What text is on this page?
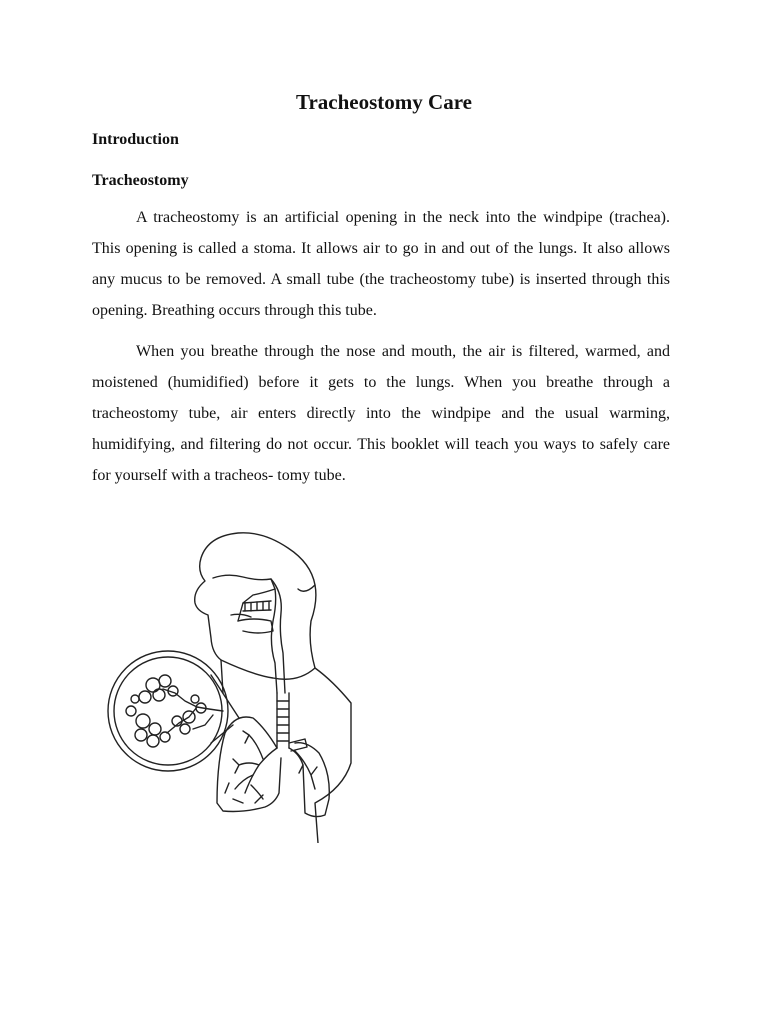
Tracheostomy Care
Introduction
Tracheostomy

A tracheostomy is an artificial opening in the neck into the windpipe (trachea). This opening is called a stoma. It allows air to go in and out of the lungs. It also allows any mucus to be removed. A small tube (the tracheostomy tube) is inserted through this opening. Breathing occurs through this tube.

When you breathe through the nose and mouth, the air is filtered, warmed, and moistened (humidified) before it gets to the lungs. When you breathe through a tracheostomy tube, air enters directly into the windpipe and the usual warming, humidifying, and filtering do not occur. This booklet will teach you ways to safely care for yourself with a tracheos- tomy tube.
